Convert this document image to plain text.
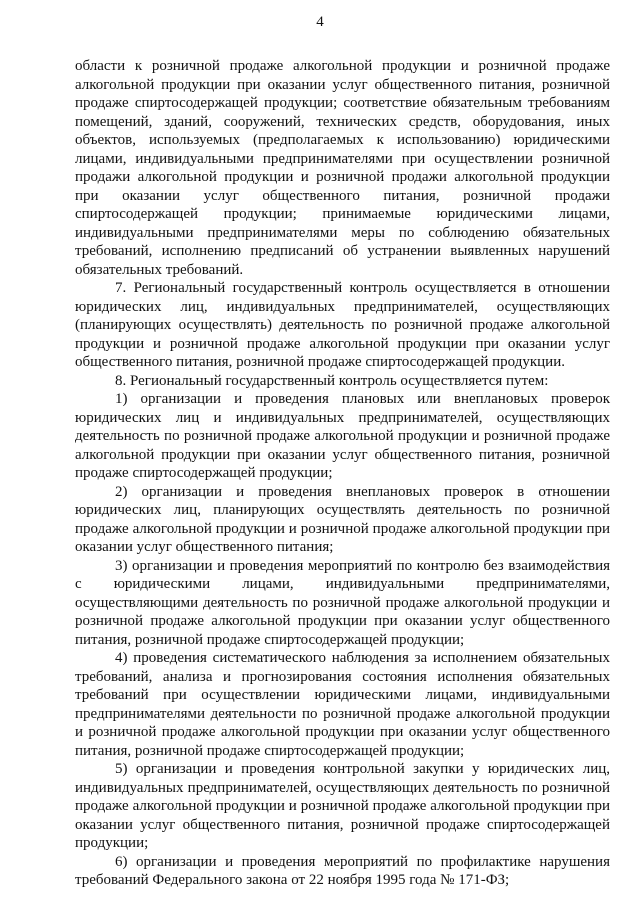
4

области к розничной продаже алкогольной продукции и розничной продаже алкогольной продукции при оказании услуг общественного питания, розничной продаже спиртосодержащей продукции; соответствие обязательным требованиям помещений, зданий, сооружений, технических средств, оборудования, иных объектов, используемых (предполагаемых к использованию) юридическими лицами, индивидуальными предпринимателями при осуществлении розничной продажи алкогольной продукции и розничной продажи алкогольной продукции при оказании услуг общественного питания, розничной продажи спиртосодержащей продукции; принимаемые юридическими лицами, индивидуальными предпринимателями меры по соблюдению обязательных требований, исполнению предписаний об устранении выявленных нарушений обязательных требований.

7. Региональный государственный контроль осуществляется в отношении юридических лиц, индивидуальных предпринимателей, осуществляющих (планирующих осуществлять) деятельность по розничной продаже алкогольной продукции и розничной продаже алкогольной продукции при оказании услуг общественного питания, розничной продаже спиртосодержащей продукции.

8. Региональный государственный контроль осуществляется путем:

1) организации и проведения плановых или внеплановых проверок юридических лиц и индивидуальных предпринимателей, осуществляющих деятельность по розничной продаже алкогольной продукции и розничной продаже алкогольной продукции при оказании услуг общественного питания, розничной продаже спиртосодержащей продукции;

2) организации и проведения внеплановых проверок в отношении юридических лиц, планирующих осуществлять деятельность по розничной продаже алкогольной продукции и розничной продаже алкогольной продукции при оказании услуг общественного питания;

3) организации и проведения мероприятий по контролю без взаимодействия с юридическими лицами, индивидуальными предпринимателями, осуществляющими деятельность по розничной продаже алкогольной продукции и розничной продаже алкогольной продукции при оказании услуг общественного питания, розничной продаже спиртосодержащей продукции;

4) проведения систематического наблюдения за исполнением обязательных требований, анализа и прогнозирования состояния исполнения обязательных требований при осуществлении юридическими лицами, индивидуальными предпринимателями деятельности по розничной продаже алкогольной продукции и розничной продаже алкогольной продукции при оказании услуг общественного питания, розничной продаже спиртосодержащей продукции;

5) организации и проведения контрольной закупки у юридических лиц, индивидуальных предпринимателей, осуществляющих деятельность по розничной продаже алкогольной продукции и розничной продаже алкогольной продукции при оказании услуг общественного питания, розничной продаже спиртосодержащей продукции;

6) организации и проведения мероприятий по профилактике нарушения требований Федерального закона от 22 ноября 1995 года № 171-ФЗ;
